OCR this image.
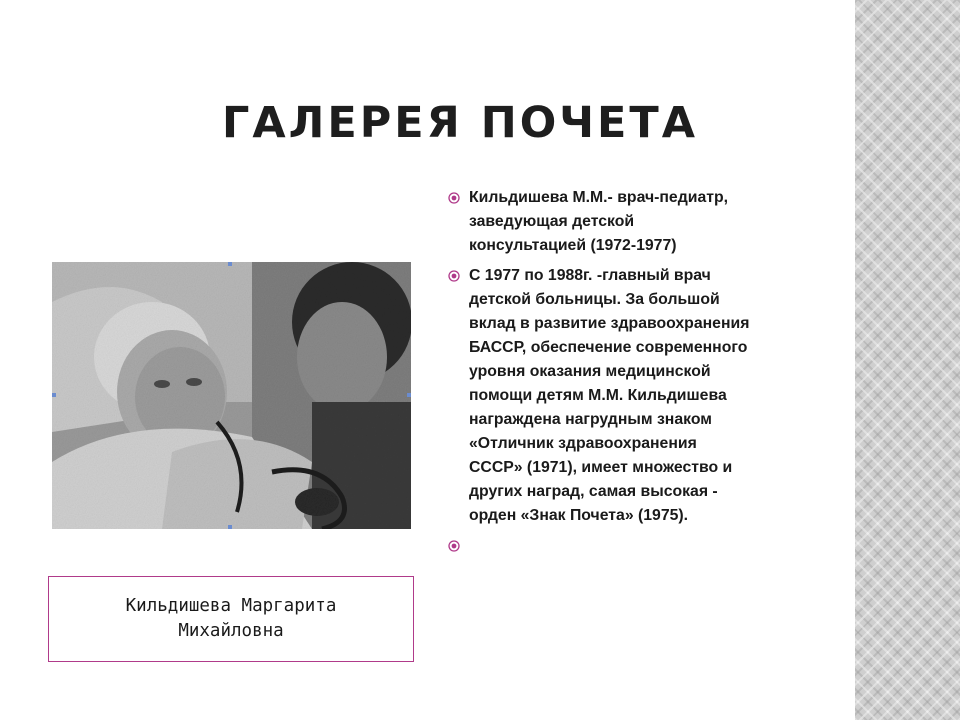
ГАЛЕРЕЯ ПОЧЕТА
Кильдишева Маргарита
Михайловна
Кильдишева М.М.- врач-педиатр,
заведующая детской
консультацией (1972-1977)
С 1977 по 1988г. -главный врач
детской больницы. За большой
вклад в развитие здравоохранения
БАССР, обеспечение современного
уровня оказания медицинской
помощи детям М.М. Кильдишева
награждена нагрудным знаком
«Отличник здравоохранения
СССР» (1971), имеет множество и
других наград, самая высокая -
орден «Знак Почета» (1975).
